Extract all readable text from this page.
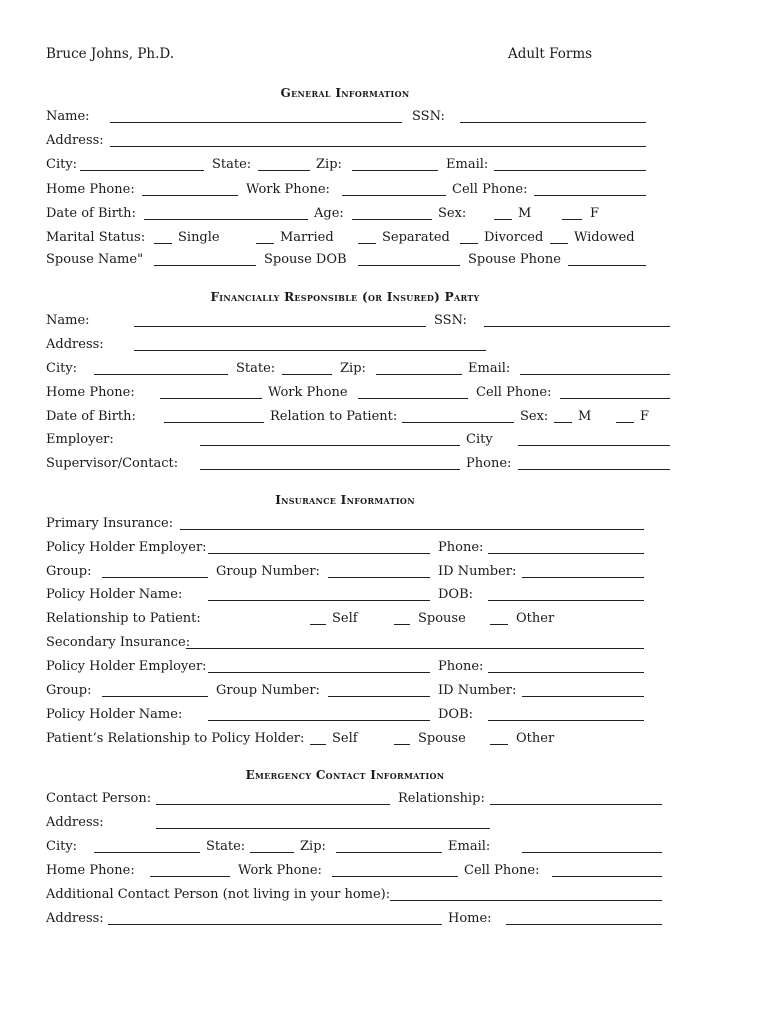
Bruce Johns, Ph.D.	Adult Forms
General Information
Name:	SSN:
Address:
City:	State:	Zip:	Email:
Home Phone:	Work Phone:	Cell Phone:
Date of Birth:	Age:	Sex:	M	F
Marital Status:	Single	Married	Separated	Divorced Widowed
Spouse Name"	Spouse DOB	Spouse Phone
Financially Responsible (or Insured) Party
Name:	SSN:
Address:
City:	State:	Zip:	Email:
Home Phone:	Work Phone	Cell Phone:
Date of Birth:	Relation to Patient:	Sex: M	F
Employer:	City
Supervisor/Contact:	Phone:
Insurance Information
Primary Insurance:
Policy Holder Employer:	Phone:
Group:	Group Number:	ID Number:
Policy Holder Name:	DOB:
Relationship to Patient:	Self	Spouse	Other
Secondary Insurance:
Policy Holder Employer:	Phone:
Group:	Group Number:	ID Number:
Policy Holder Name:	DOB:
Patient’s Relationship to Policy Holder: Self	Spouse	Other
Emergency Contact Information
Contact Person:	Relationship:
Address:
City:	State:	Zip:	Email:
Home Phone:	Work Phone:	Cell Phone:
Additional Contact Person (not living in your home):
Address:	Home:
